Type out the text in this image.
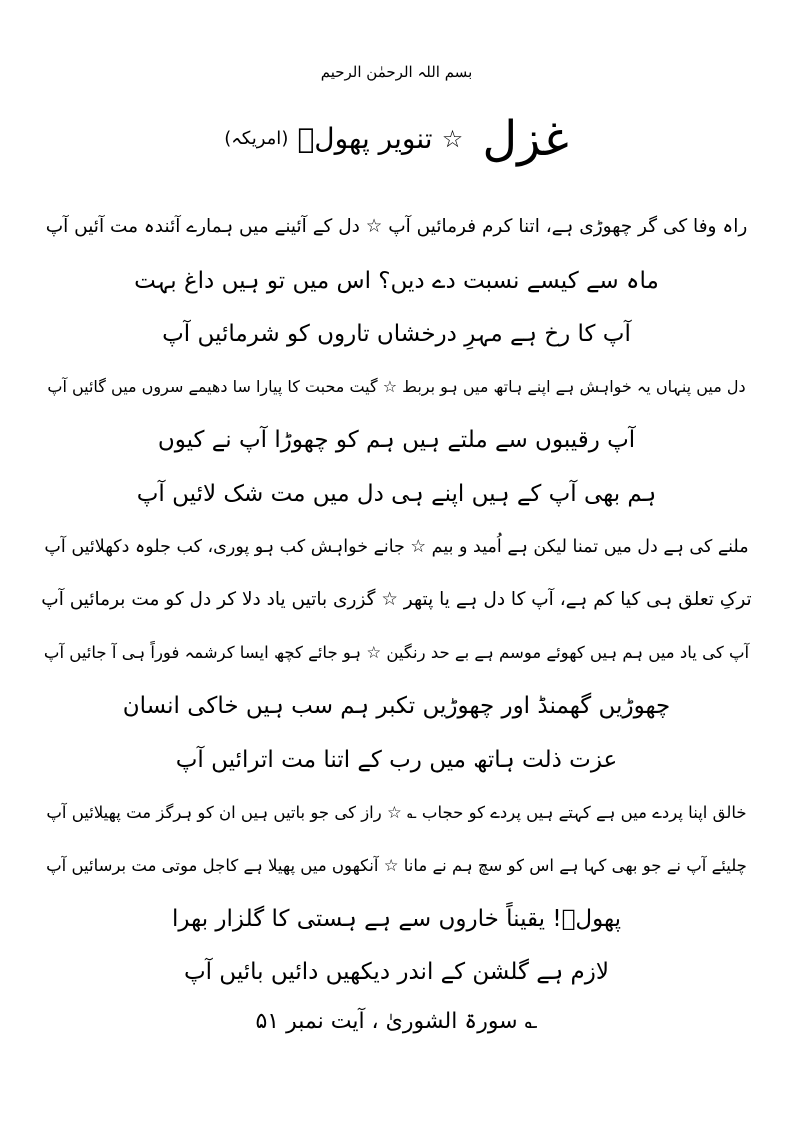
بسم اللہ الرحمٰن الرحیم
غزل ☆ تنویر پھولؔ (امریکہ)
راہ وفا کی گر چھوڑی ہے، اتنا کرم فرمائیں آپ ☆ دل کے آئینے میں ہمارے آئندہ مت آئیں آپ
ماہ سے کیسے نسبت دے دیں؟ اس میں تو ہیں داغ بہت
آپ کا رخ ہے مہرِ درخشاں تاروں کو شرمائیں آپ
دل میں پنہاں یہ خواہش ہے اپنے ہاتھ میں ہو بربط ☆ گیت محبت کا پیارا سا دھیمے سروں میں گائیں آپ
آپ رقیبوں سے ملتے ہیں ہم کو چھوڑا آپ نے کیوں
ہم بھی آپ کے ہیں اپنے ہی دل میں مت شک لائیں آپ
ملنے کی ہے دل میں تمنا لیکن ہے اُمید و بیم ☆ جانے خواہش کب ہو پوری، کب جلوہ دکھلائیں آپ
ترکِ تعلق ہی کیا کم ہے، آپ کا دل ہے یا پتھر ☆ گزری باتیں یاد دلا کر دل کو مت برمائیں آپ
آپ کی یاد میں ہم ہیں کھوئے موسم ہے بے حد رنگین ☆ ہو جائے کچھ ایسا کرشمہ فوراً ہی آ جائیں آپ
چھوڑیں گھمنڈ اور چھوڑیں تکبر ہم سب ہیں خاکی انسان
عزت ذلت ہاتھ میں رب کے اتنا مت اترائیں آپ
خالق اپنا پردے میں ہے کہتے ہیں پردے کو حجاب ؎ ☆ راز کی جو باتیں ہیں ان کو ہرگز مت پھیلائیں آپ
چلیئے آپ نے جو بھی کہا ہے اس کو سچ ہم نے مانا ☆ آنکھوں میں پھیلا ہے کاجل موتی مت برسائیں آپ
پھولؔ! یقیناً خاروں سے ہے ہستی کا گلزار بھرا
لازم ہے گلشن کے اندر دیکھیں دائیں بائیں آپ
؎ سورۃ الشوریٰ ، آیت نمبر ۵۱
